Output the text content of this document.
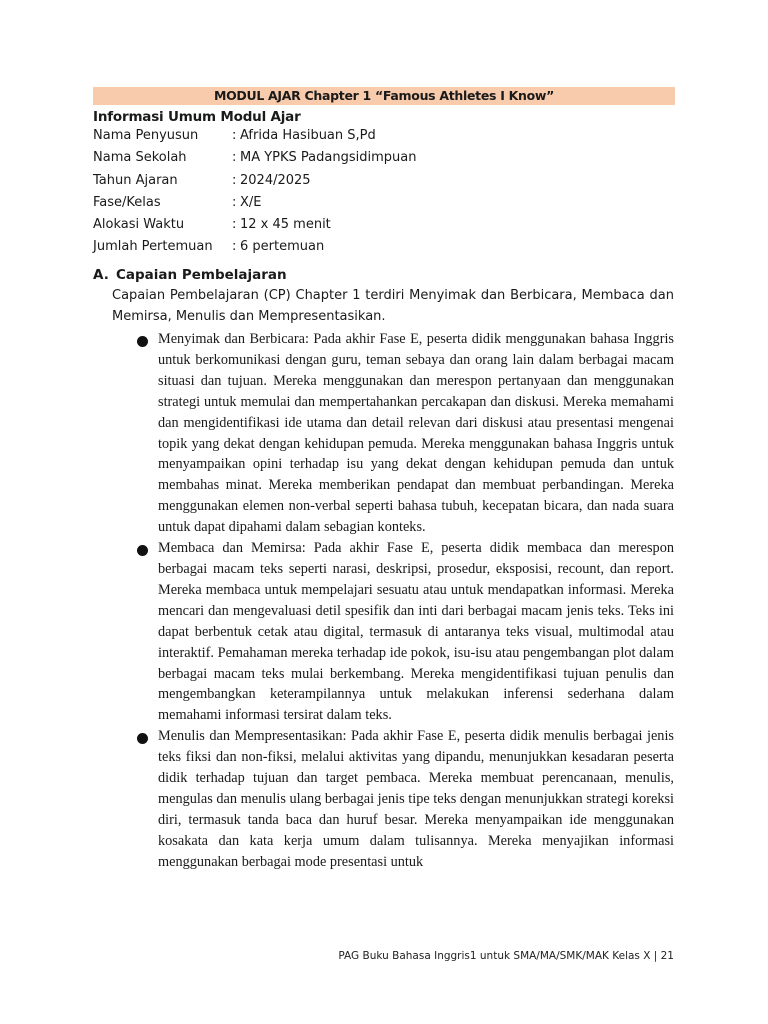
MODUL AJAR Chapter 1 “Famous Athletes I Know”
Informasi Umum Modul Ajar
Nama Penyusun	: Afrida Hasibuan S,Pd
Nama Sekolah	: MA YPKS Padangsidimpuan
Tahun Ajaran	: 2024/2025
Fase/Kelas	: X/E
Alokasi Waktu	: 12 x 45 menit
Jumlah Pertemuan : 6 pertemuan
A. Capaian Pembelajaran
Capaian Pembelajaran (CP) Chapter 1 terdiri Menyimak dan Berbicara, Membaca dan Memirsa, Menulis dan Mempresentasikan.
Menyimak dan Berbicara: Pada akhir Fase E, peserta didik menggunakan bahasa Inggris untuk berkomunikasi dengan guru, teman sebaya dan orang lain dalam berbagai macam situasi dan tujuan. Mereka menggunakan dan merespon pertanyaan dan menggunakan strategi untuk memulai dan mempertahankan percakapan dan diskusi. Mereka memahami dan mengidentifikasi ide utama dan detail relevan dari diskusi atau presentasi mengenai topik yang dekat dengan kehidupan pemuda. Mereka menggunakan bahasa Inggris untuk menyampaikan opini terhadap isu yang dekat dengan kehidupan pemuda dan untuk membahas minat. Mereka memberikan pendapat dan membuat perbandingan. Mereka menggunakan elemen non-verbal seperti bahasa tubuh, kecepatan bicara, dan nada suara untuk dapat dipahami dalam sebagian konteks.
Membaca dan Memirsa: Pada akhir Fase E, peserta didik membaca dan merespon berbagai macam teks seperti narasi, deskripsi, prosedur, eksposisi, recount, dan report. Mereka membaca untuk mempelajari sesuatu atau untuk mendapatkan informasi. Mereka mencari dan mengevaluasi detil spesifik dan inti dari berbagai macam jenis teks. Teks ini dapat berbentuk cetak atau digital, termasuk di antaranya teks visual, multimodal atau interaktif. Pemahaman mereka terhadap ide pokok, isu-isu atau pengembangan plot dalam berbagai macam teks mulai berkembang. Mereka mengidentifikasi tujuan penulis dan mengembangkan keterampilannya untuk melakukan inferensi sederhana dalam memahami informasi tersirat dalam teks.
Menulis dan Mempresentasikan: Pada akhir Fase E, peserta didik menulis berbagai jenis teks fiksi dan non-fiksi, melalui aktivitas yang dipandu, menunjukkan kesadaran peserta didik terhadap tujuan dan target pembaca. Mereka membuat perencanaan, menulis, mengulas dan menulis ulang berbagai jenis tipe teks dengan menunjukkan strategi koreksi diri, termasuk tanda baca dan huruf besar. Mereka menyampaikan ide menggunakan kosakata dan kata kerja umum dalam tulisannya. Mereka menyajikan informasi menggunakan berbagai mode presentasi untuk
PAG Buku Bahasa Inggris1 untuk SMA/MA/SMK/MAK Kelas X | 21
